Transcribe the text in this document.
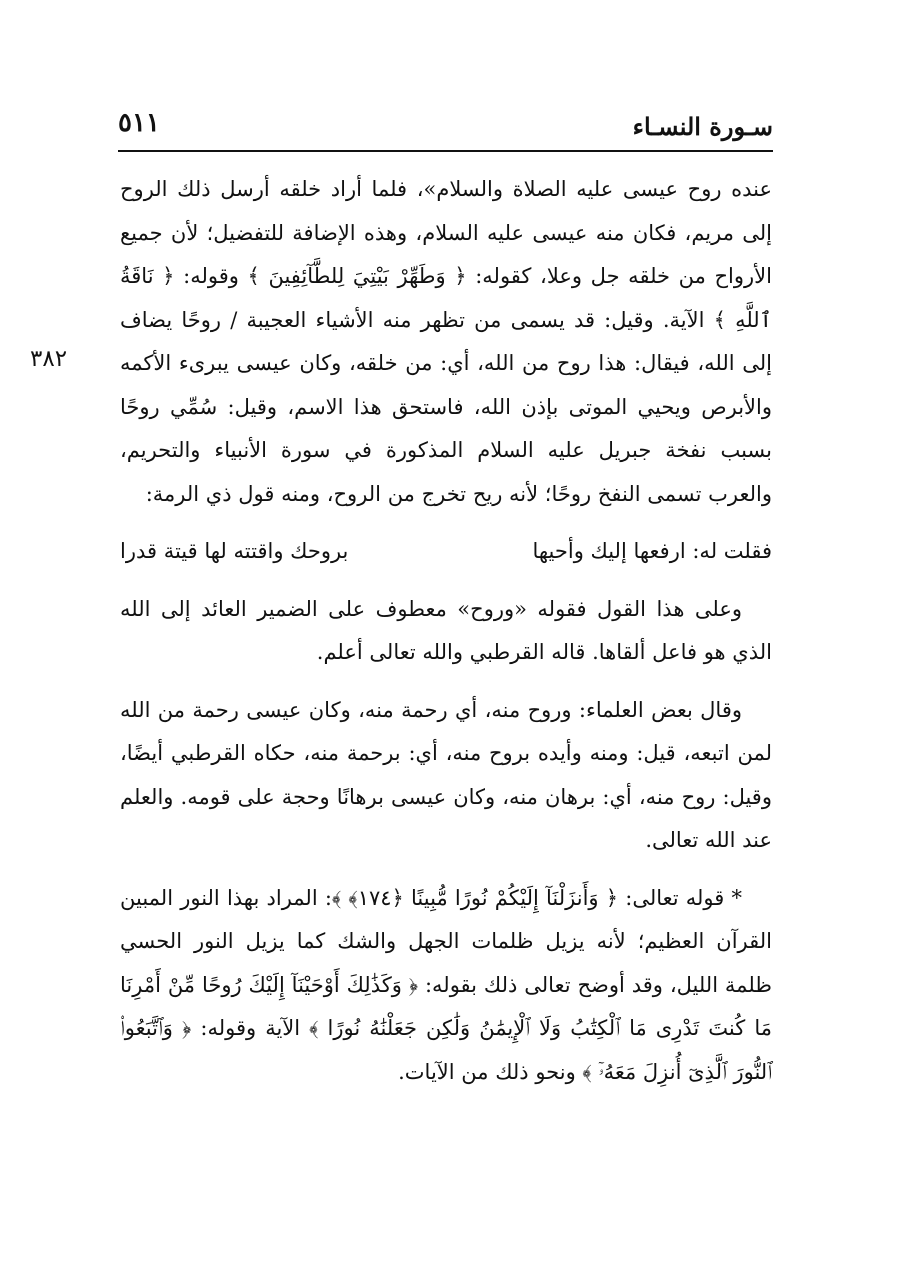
سـورة النسـاء
٥١١
٣٨٢

عنده روح عيسى عليه الصلاة والسلام»، فلما أراد خلقه أرسل ذلك الروح إلى مريم، فكان منه عيسى عليه السلام، وهذه الإضافة للتفضيل؛ لأن جميع الأرواح من خلقه جل وعلا، كقوله: ﴿ وَطَهِّرْ بَيْتِيَ لِلطَّآئِفِينَ ﴾ وقوله: ﴿ نَاقَةُ ٱللَّهِ ﴾ الآية. وقيل: قد يسمى من تظهر منه الأشياء العجيبة / روحًا يضاف إلى الله، فيقال: هذا روح من الله، أي: من خلقه، وكان عيسى يبرىء الأكمه والأبرص ويحيي الموتى بإذن الله، فاستحق هذا الاسم، وقيل: سُمِّي روحًا بسبب نفخة جبريل عليه السلام المذكورة في سورة الأنبياء والتحريم، والعرب تسمى النفخ روحًا؛ لأنه ريح تخرج من الروح، ومنه قول ذي الرمة:

فقلت له: ارفعها إليك وأحيها
بروحك واقتته لها قيتة قدرا

وعلى هذا القول فقوله «وروح» معطوف على الضمير العائد إلى الله الذي هو فاعل ألقاها. قاله القرطبي والله تعالى أعلم.

وقال بعض العلماء: وروح منه، أي رحمة منه، وكان عيسى رحمة من الله لمن اتبعه، قيل: ومنه وأيده بروح منه، أي: برحمة منه، حكاه القرطبي أيضًا، وقيل: روح منه، أي: برهان منه، وكان عيسى برهانًا وحجة على قومه. والعلم عند الله تعالى.

* قوله تعالى: ﴿ وَأَنزَلْنَآ إِلَيْكُمْ نُورًا مُّبِينًا ﴿١٧٤﴾ ﴾: المراد بهذا النور المبين القرآن العظيم؛ لأنه يزيل ظلمات الجهل والشك كما يزيل النور الحسي ظلمة الليل، وقد أوضح تعالى ذلك بقوله: ﴿ وَكَذَٰلِكَ أَوْحَيْنَآ إِلَيْكَ رُوحًا مِّنْ أَمْرِنَا مَا كُنتَ تَدْرِى مَا ٱلْكِتَٰبُ وَلَا ٱلْإِيمَٰنُ وَلَٰكِن جَعَلْنَٰهُ نُورًا ﴾ الآية وقوله: ﴿ وَٱتَّبَعُوا۟ ٱلنُّورَ ٱلَّذِىٓ أُنزِلَ مَعَهُۥٓ ﴾ ونحو ذلك من الآيات.
